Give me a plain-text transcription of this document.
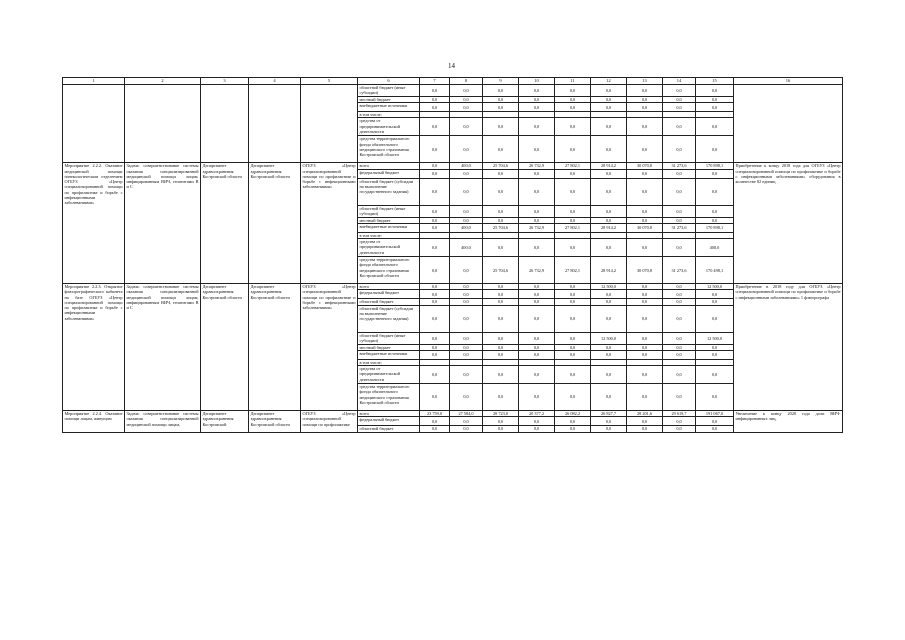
14
1	2	3	4	5	6	7	8	9	10	11	12	13	14	15	16
					областной бюджет (иные субсидии)	0,0	0,0	0,0	0,0	0,0	0,0	0,0	0,0	0,0	
					местный бюджет	0,0	0,0	0,0	0,0	0,0	0,0	0,0	0,0	0,0	
					внебюджетные источники	0,0	0,0	0,0	0,0	0,0	0,0	0,0	0,0	0,0	
					в том числе:										
					средства от предпринимательской деятельности	0,0	0,0	0,0	0,0	0,0	0,0	0,0	0,0	0,0	
					средства территориального фонда обязательного медицинского страхования Костромской области	0,0	0,0	0,0	0,0	0,0	0,0	0,0	0,0	0,0	
Мероприятие 2.2.2. Оказание медицинской помощи гинекологическим отделением ОГБУЗ «Центр специализированной помощи по профилактике и борьбе с инфекционными заболеваниями»	Задача: совершенствование системы оказания специализированной медицинской помощи лицам, инфицированным ВИЧ, гепатитами В и С	Департамент здравоохранения Костромской области	Департамент здравоохранения Костромской области	ОГБУЗ «Центр специализированной помощи по профилактике и борьбе с инфекционными заболеваниями»	всего	0,0	400,0	25 704,6	26 732,9	27 802,1	28 914,2	30 070,8	31 273,6	170 898,1	Приобретение к концу 2018 года для ОГБУЗ «Центр специализированной помощи по профилактике и борьбе с инфекционными заболеваниями» оборудования в количестве 82 единиц
					федеральный бюджет	0,0	0,0	0,0	0,0	0,0	0,0	0,0	0,0	0,0	
					областной бюджет (субсидии на выполнение государственного задания)	0,0	0,0	0,0	0,0	0,0	0,0	0,0	0,0	0,0	
					областной бюджет (иные субсидии)	0,0	0,0	0,0	0,0	0,0	0,0	0,0	0,0	0,0	
					местный бюджет	0,0	0,0	0,0	0,0	0,0	0,0	0,0	0,0	0,0	
					внебюджетные источники	0,0	400,0	25 704,6	26 732,9	27 802,1	28 914,2	30 070,8	31 273,6	170 898,1	
					в том числе:										
					средства от предпринимательской деятельности	0,0	400,0	0,0	0,0	0,0	0,0	0,0	0,0	400,0	
					средства территориального фонда обязательного медицинского страхования Костромской области	0,0	0,0	25 704,6	26 732,9	27 802,1	28 914,2	30 070,8	31 273,6	170 498,1	
Мероприятие 2.2.3. Открытие флюорографического кабинета на базе ОГБУЗ «Центр специализированной помощи по профилактике и борьбе с инфекционными заболеваниями»	Задача: совершенствование системы оказания специализированной медицинской помощи лицам, инфицированным ВИЧ, гепатитами В и С	Департамент здравоохранения Костромской области	Департамент здравоохранения Костромской области	ОГБУЗ «Центр специализированной помощи по профилактике и борьбе с инфекционными заболеваниями»	всего	0,0	0,0	0,0	0,0	0,0	12 500,0	0,0	0,0	12 500,0	Приобретение в 2018 году для ОГБУЗ «Центр специализированной помощи по профилактике и борьбе с инфекционными заболеваниями» 1 флюорографа
					федеральный бюджет	0,0	0,0	0,0	0,0	0,0	0,0	0,0	0,0	0,0	
					областной бюджет	0,0	0,0	0,0	0,0	0,0	0,0	0,0	0,0	0,0	
					областной бюджет (субсидии на выполнение государственного задания)	0,0	0,0	0,0	0,0	0,0	0,0	0,0	0,0	0,0	
					областной бюджет (иные субсидии)	0,0	0,0	0,0	0,0	0,0	12 500,0	0,0	0,0	12 500,0	
					местный бюджет	0,0	0,0	0,0	0,0	0,0	0,0	0,0	0,0	0,0	
					внебюджетные источники	0,0	0,0	0,0	0,0	0,0	0,0	0,0	0,0	0,0	
					в том числе:										
					средства от предпринимательской деятельности	0,0	0,0	0,0	0,0	0,0	0,0	0,0	0,0	0,0	
					средства территориального фонда обязательного медицинского страхования Костромской области	0,0	0,0	0,0	0,0	0,0	0,0	0,0	0,0	0,0	
Мероприятие 2.2.4. Оказание помощи лицам, живущим	Задача: совершенствование системы оказания специализированной медицинской помощи лицам,	Департамент здравоохранения Костромской	Департамент здравоохранения Костромской области	ОГБУЗ «Центр специализированной помощи по профилактике	всего	23 759,0	27 584,0	28 723,0	20 377,2	26 082,2	26 827,7	28 201,6	29 619,7	191 067,0	Увеличение к концу 2020 года доли ВИЧ-инфицированных лиц,
					федеральный бюджет	0,0	0,0	0,0	0,0	0,0	0,0	0,0	0,0	0,0	
					областной бюджет	0,0	0,0	0,0	0,0	0,0	0,0	0,0	0,0	0,0	
